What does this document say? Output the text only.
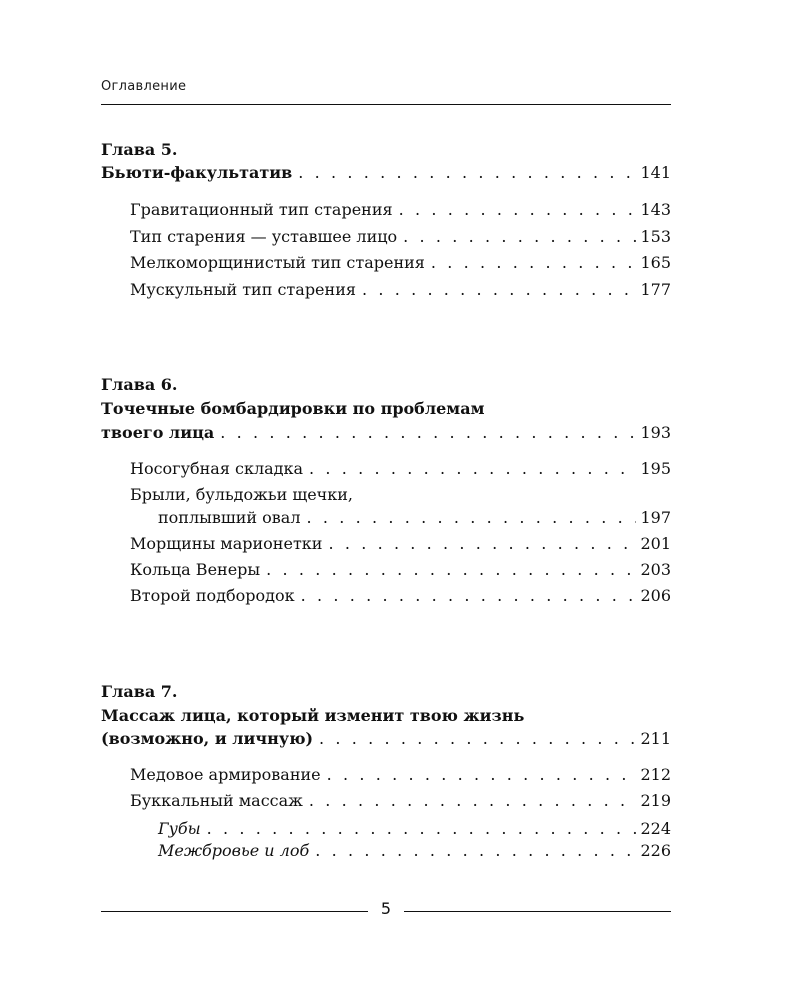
Оглавление
Глава 5.
Бьюти-факультатив . . .	141
Гравитационный тип старения . . .	143
Тип старения — уставшее лицо . . .	153
Мелкоморщинистый тип старения . . .	165
Мускульный тип старения . . .	177
Глава 6.
Точечные бомбардировки по проблемам
твоего лица . . .	193
Носогубная складка . . .	195
Брыли, бульдожьи щечки,
поплывший овал . . .	197
Морщины марионетки . . .	201
Кольца Венеры . . .	203
Второй подбородок . . .	206
Глава 7.
Массаж лица, который изменит твою жизнь
(возможно, и личную) . . .	211
Медовое армирование . . .	212
Буккальный массаж . . .	219
Губы . . .	224
Межбровье и лоб . . .	226
5
